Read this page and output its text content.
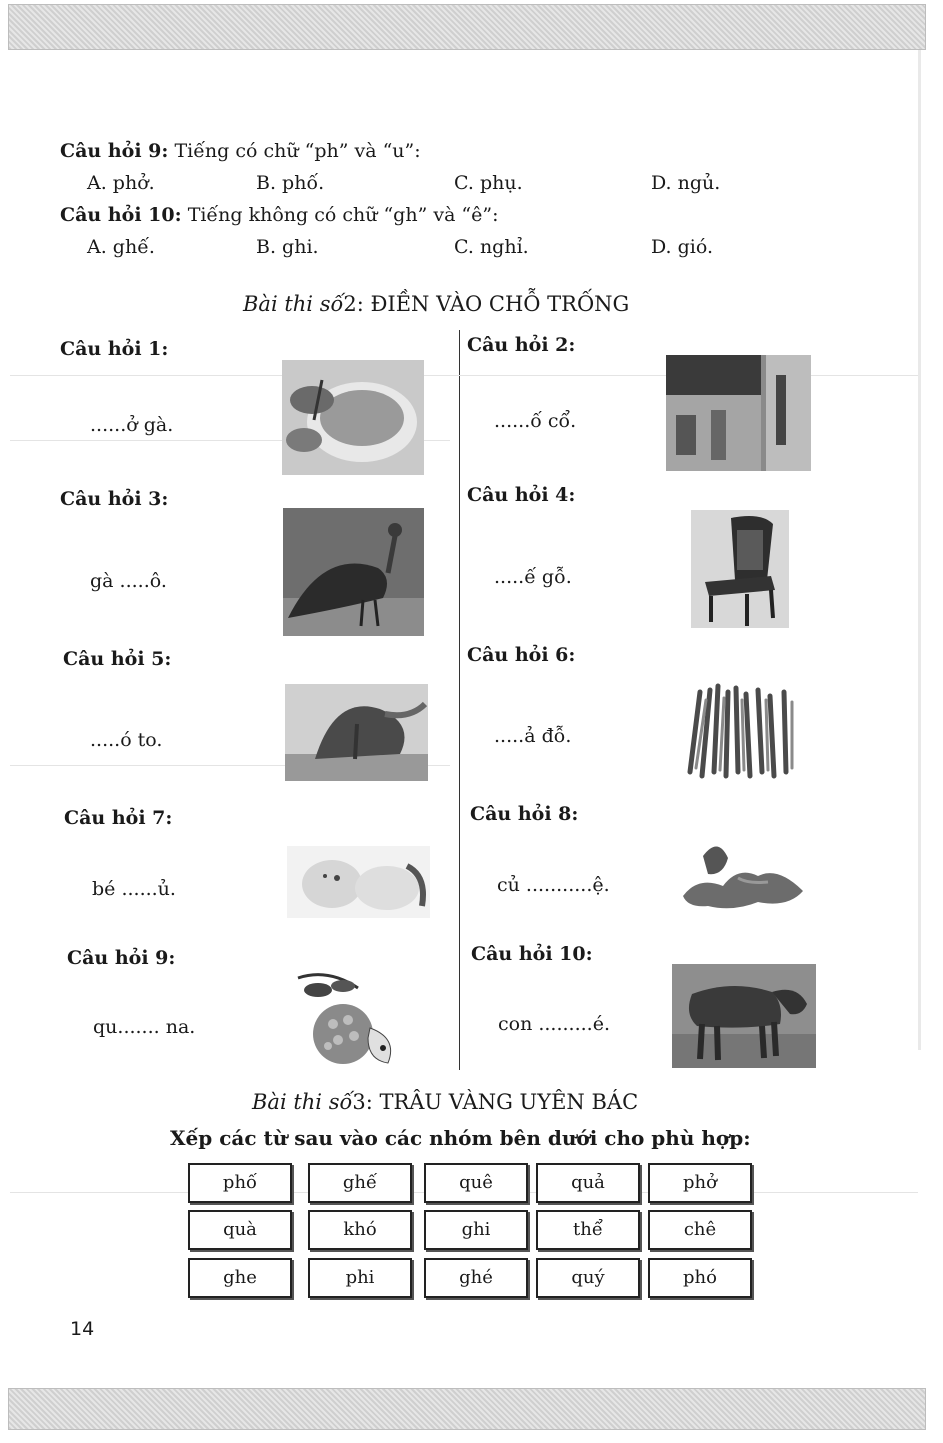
Câu hỏi 9: Tiếng có chữ “ph” và “u”:
A. phở.	B. phố.	C. phụ.	D. ngủ.
Câu hỏi 10: Tiếng không có chữ “gh” và “ê”:
A. ghế.	B. ghi.	C. nghỉ.	D. gió.
Bài thi số2: ĐIỀN VÀO CHỖ TRỐNG
Câu hỏi 1:
......ở gà.
Câu hỏi 2:
......ố cổ.
Câu hỏi 3:
gà .....ô.
Câu hỏi 4:
.....ế gỗ.
Câu hỏi 5:
.....ó to.
Câu hỏi 6:
.....ả đỗ.
Câu hỏi 7:
bé ......ủ.
Câu hỏi 8:
củ ...........ệ.
Câu hỏi 9:
qu....... na.
Câu hỏi 10:
con .........é.
Bài thi số3: TRÂU VÀNG UYÊN BÁC
Xếp các từ sau vào các nhóm bên dưới cho phù hợp:
phố	ghế	quê	quả	phở
quà	khó	ghi	thể	chê
ghe	phi	ghé	quý	phó
14
